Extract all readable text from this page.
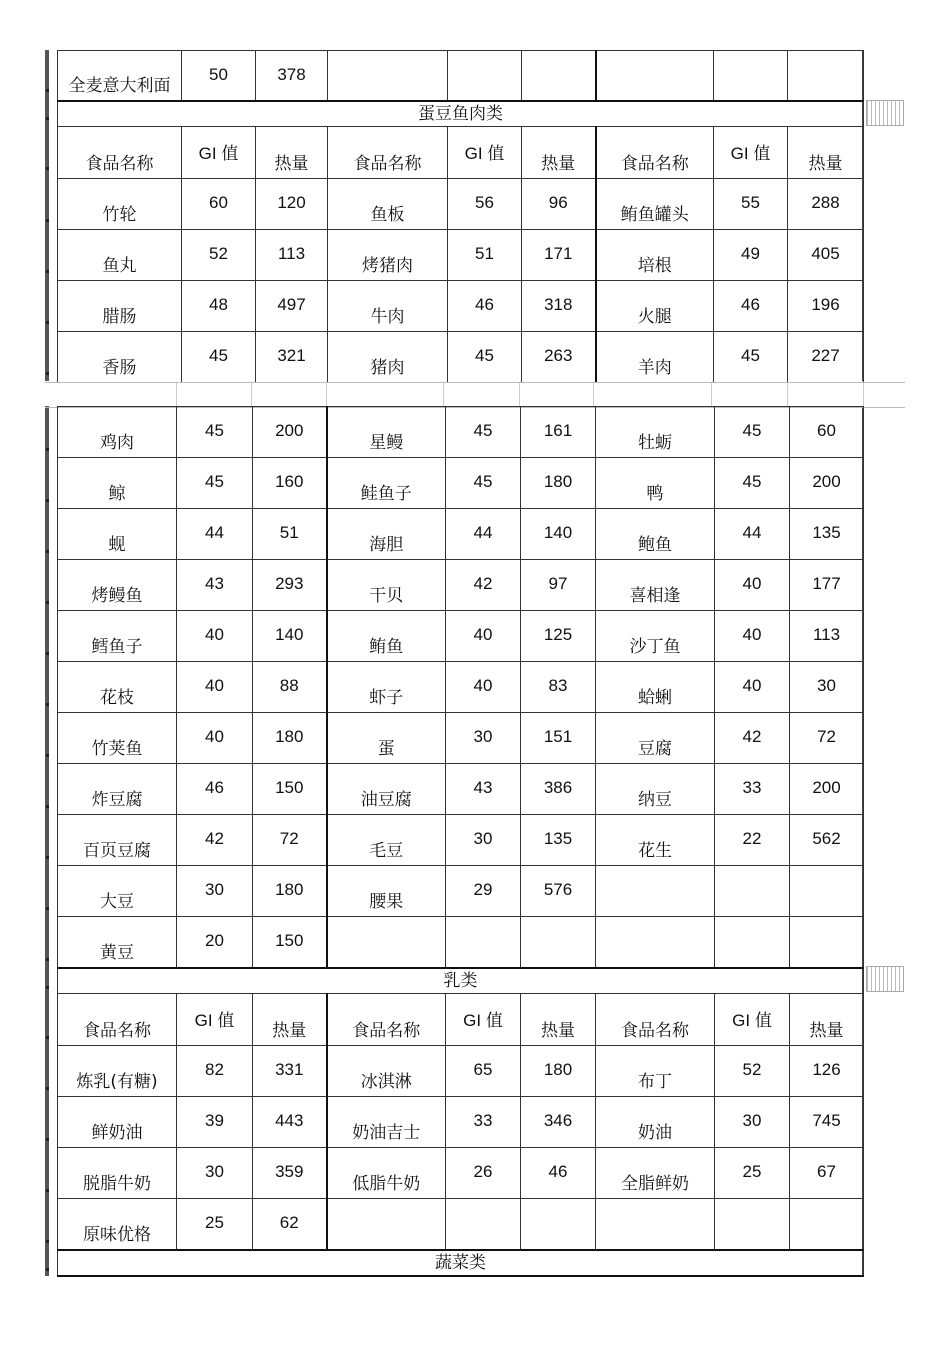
全麦意大利面	50	378						

蛋豆鱼肉类								

食品名称	GI 值	热量	食品名称	GI 值	热量	食品名称	GI 值	热量

竹轮	60	120	鱼板	56	96	鲔鱼罐头	55	288

鱼丸	52	113	烤猪肉	51	171	培根	49	405

腊肠	48	497	牛肉	46	318	火腿	46	196

香肠	45	321	猪肉	45	263	羊肉	45	227
鸡肉	45	200	星鳗	45	161	牡蛎	45	60

鲸	45	160	鲑鱼子	45	180	鸭	45	200

蚬	44	51	海胆	44	140	鲍鱼	44	135

烤鳗鱼	43	293	干贝	42	97	喜相逢	40	177

鳕鱼子	40	140	鲔鱼	40	125	沙丁鱼	40	113

花枝	40	88	虾子	40	83	蛤蜊	40	30

竹荚鱼	40	180	蛋	30	151	豆腐	42	72

炸豆腐	46	150	油豆腐	43	386	纳豆	33	200

百页豆腐	42	72	毛豆	30	135	花生	22	562

大豆	30	180	腰果	29	576			

黄豆	20	150						

乳类								

食品名称	GI 值	热量	食品名称	GI 值	热量	食品名称	GI 值	热量

炼乳(有糖)	82	331	冰淇淋	65	180	布丁	52	126

鲜奶油	39	443	奶油吉士	33	346	奶油	30	745

脱脂牛奶	30	359	低脂牛奶	26	46	全脂鲜奶	25	67

原味优格	25	62						

蔬菜类								
